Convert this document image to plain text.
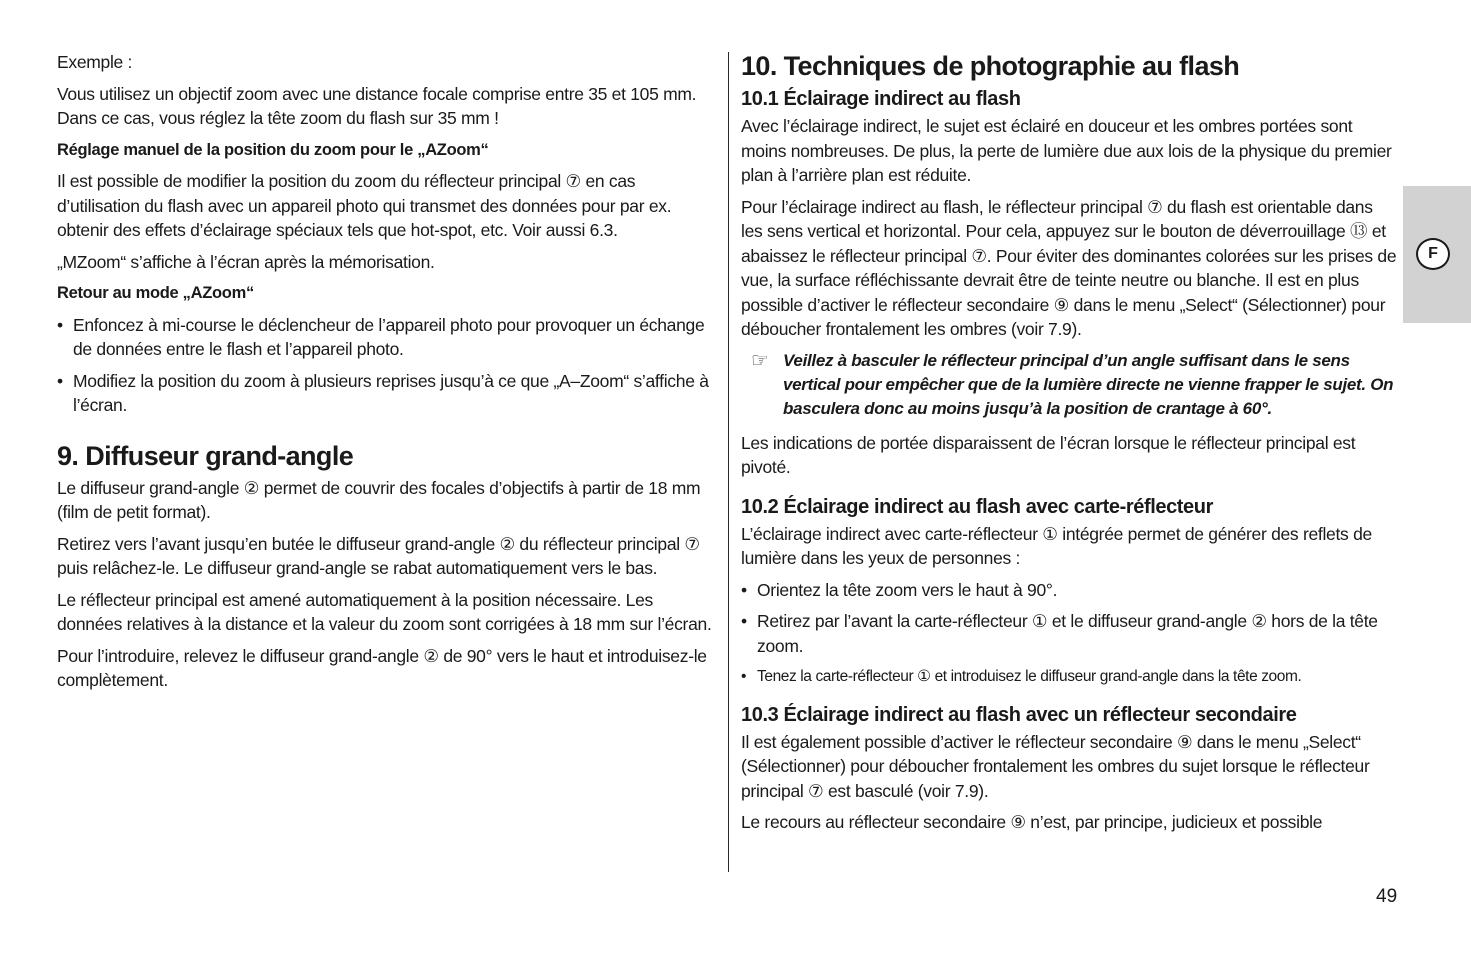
Exemple :

Vous utilisez un objectif zoom avec une distance focale comprise entre 35 et 105 mm. Dans ce cas, vous réglez la tête zoom du flash sur 35 mm !

Réglage manuel de la position du zoom pour le „AZoom“

Il est possible de modifier la position du zoom du réflecteur principal ⑦ en cas d’utilisation du flash avec un appareil photo qui transmet des données pour par ex. obtenir des effets d’éclairage spéciaux tels que hot-spot, etc. Voir aussi 6.3.

„MZoom“ s’affiche à l’écran après la mémorisation.

Retour au mode „AZoom“

• Enfoncez à mi-course le déclencheur de l’appareil photo pour provoquer un échange de données entre le flash et l’appareil photo.
• Modifiez la position du zoom à plusieurs reprises jusqu’à ce que „A–Zoom“ s’affiche à l’écran.
9. Diffuseur grand-angle

Le diffuseur grand-angle ② permet de couvrir des focales d’objectifs à partir de 18 mm (film de petit format).

Retirez vers l’avant jusqu’en butée le diffuseur grand-angle ② du réflecteur principal ⑦ puis relâchez-le. Le diffuseur grand-angle se rabat automatiquement vers le bas.

Le réflecteur principal est amené automatiquement à la position nécessaire. Les données relatives à la distance et la valeur du zoom sont corrigées à 18 mm sur l’écran.

Pour l’introduire, relevez le diffuseur grand-angle ② de 90° vers le haut et introduisez-le complètement.

10. Techniques de photographie au flash
10.1 Éclairage indirect au flash

Avec l’éclairage indirect, le sujet est éclairé en douceur et les ombres portées sont moins nombreuses. De plus, la perte de lumière due aux lois de la physique du premier plan à l’arrière plan est réduite.

Pour l’éclairage indirect au flash, le réflecteur principal ⑦ du flash est orientable dans les sens vertical et horizontal. Pour cela, appuyez sur le bouton de déverrouillage ⑬ et abaissez le réflecteur principal ⑦. Pour éviter des dominantes colorées sur les prises de vue, la surface réfléchissante devrait être de teinte neutre ou blanche. Il est en plus possible d’activer le réflecteur secondaire ⑨ dans le menu „Select“ (Sélectionner) pour déboucher frontalement les ombres (voir 7.9).

☞ Veillez à basculer le réflecteur principal d’un angle suffisant dans le sens vertical pour empêcher que de la lumière directe ne vienne frapper le sujet. On basculera donc au moins jusqu’à la position de crantage à 60°.

Les indications de portée disparaissent de l’écran lorsque le réflecteur principal est pivoté.

10.2 Éclairage indirect au flash avec carte-réflecteur

L’éclairage indirect avec carte-réflecteur ① intégrée permet de générer des reflets de lumière dans les yeux de personnes :

• Orientez la tête zoom vers le haut à 90°.
• Retirez par l’avant la carte-réflecteur ① et le diffuseur grand-angle ② hors de la tête zoom.
• Tenez la carte-réflecteur ① et introduisez le diffuseur grand-angle dans la tête zoom.
10.3 Éclairage indirect au flash avec un réflecteur secondaire

Il est également possible d’activer le réflecteur secondaire ⑨ dans le menu „Select“ (Sélectionner) pour déboucher frontalement les ombres du sujet lorsque le réflecteur principal ⑦ est basculé (voir 7.9).

Le recours au réflecteur secondaire ⑨ n’est, par principe, judicieux et possible

F
49
